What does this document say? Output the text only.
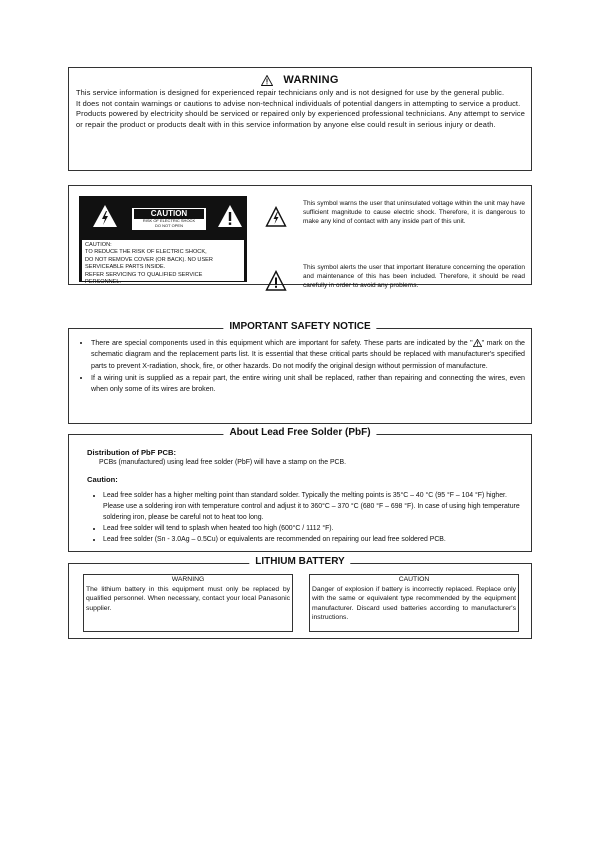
WARNING

This service information is designed for experienced repair technicians only and is not designed for use by the general public.

It does not contain warnings or cautions to advise non-technical individuals of potential dangers in attempting to service a product.

Products powered by electricity should be serviced or repaired only by experienced professional technicians. Any attempt to service or repair the product or products dealt with in this service information by anyone else could result in serious injury or death.

CAUTION
RISK OF ELECTRIC SHOCK
DO NOT OPEN
CAUTION:
TO REDUCE THE RISK OF ELECTRIC SHOCK,
DO NOT REMOVE COVER (OR BACK). NO USER
SERVICEABLE PARTS INSIDE.
REFER SERVICING TO QUALIFIED SERVICE
PERSONNEL.
This symbol warns the user that uninsulated voltage within the unit may have sufficient magnitude to cause electric shock. Therefore, it is dangerous to make any kind of contact with any inside part of this unit.
This symbol alerts the user that important literature concerning the operation and maintenance of this has been included. Therefore, it should be read carefully in order to avoid any problems.
IMPORTANT SAFETY NOTICE
• There are special components used in this equipment which are important for safety. These parts are indicated by the " " mark on the schematic diagram and the replacement parts list. It is essential that these critical parts should be replaced with manufacturer's specified parts to prevent X-radiation, shock, fire, or other hazards. Do not modify the original design without permission of manufacture.
• If a wiring unit is supplied as a repair part, the entire wiring unit shall be replaced, rather than repairing and connecting the wires, even when only some of its wires are broken.
About Lead Free Solder (PbF)
Distribution of PbF PCB:
PCBs (manufactured) using lead free solder (PbF) will have a stamp on the PCB.
Caution:
• Lead free solder has a higher melting point than standard solder. Typically the melting points is 35°C – 40 °C (95 °F – 104 °F) higher. Please use a soldering iron with temperature control and adjust it to 360°C – 370 °C (680 °F – 698 °F). In case of using high temperature soldering iron, please be careful not to heat too long.
• Lead free solder will tend to splash when heated too high (600°C / 1112 °F).
• Lead free solder (Sn - 3.0Ag – 0.5Cu) or equivalents are recommended on repairing our lead free soldered PCB.
LITHIUM BATTERY
WARNING
The lithium battery in this equipment must only be replaced by qualified personnel. When necessary, contact your local Panasonic supplier.
CAUTION
Danger of explosion if battery is incorrectly replaced. Replace only with the same or equivalent type recommended by the equipment manufacturer. Discard used batteries according to manufacturer's instructions.
